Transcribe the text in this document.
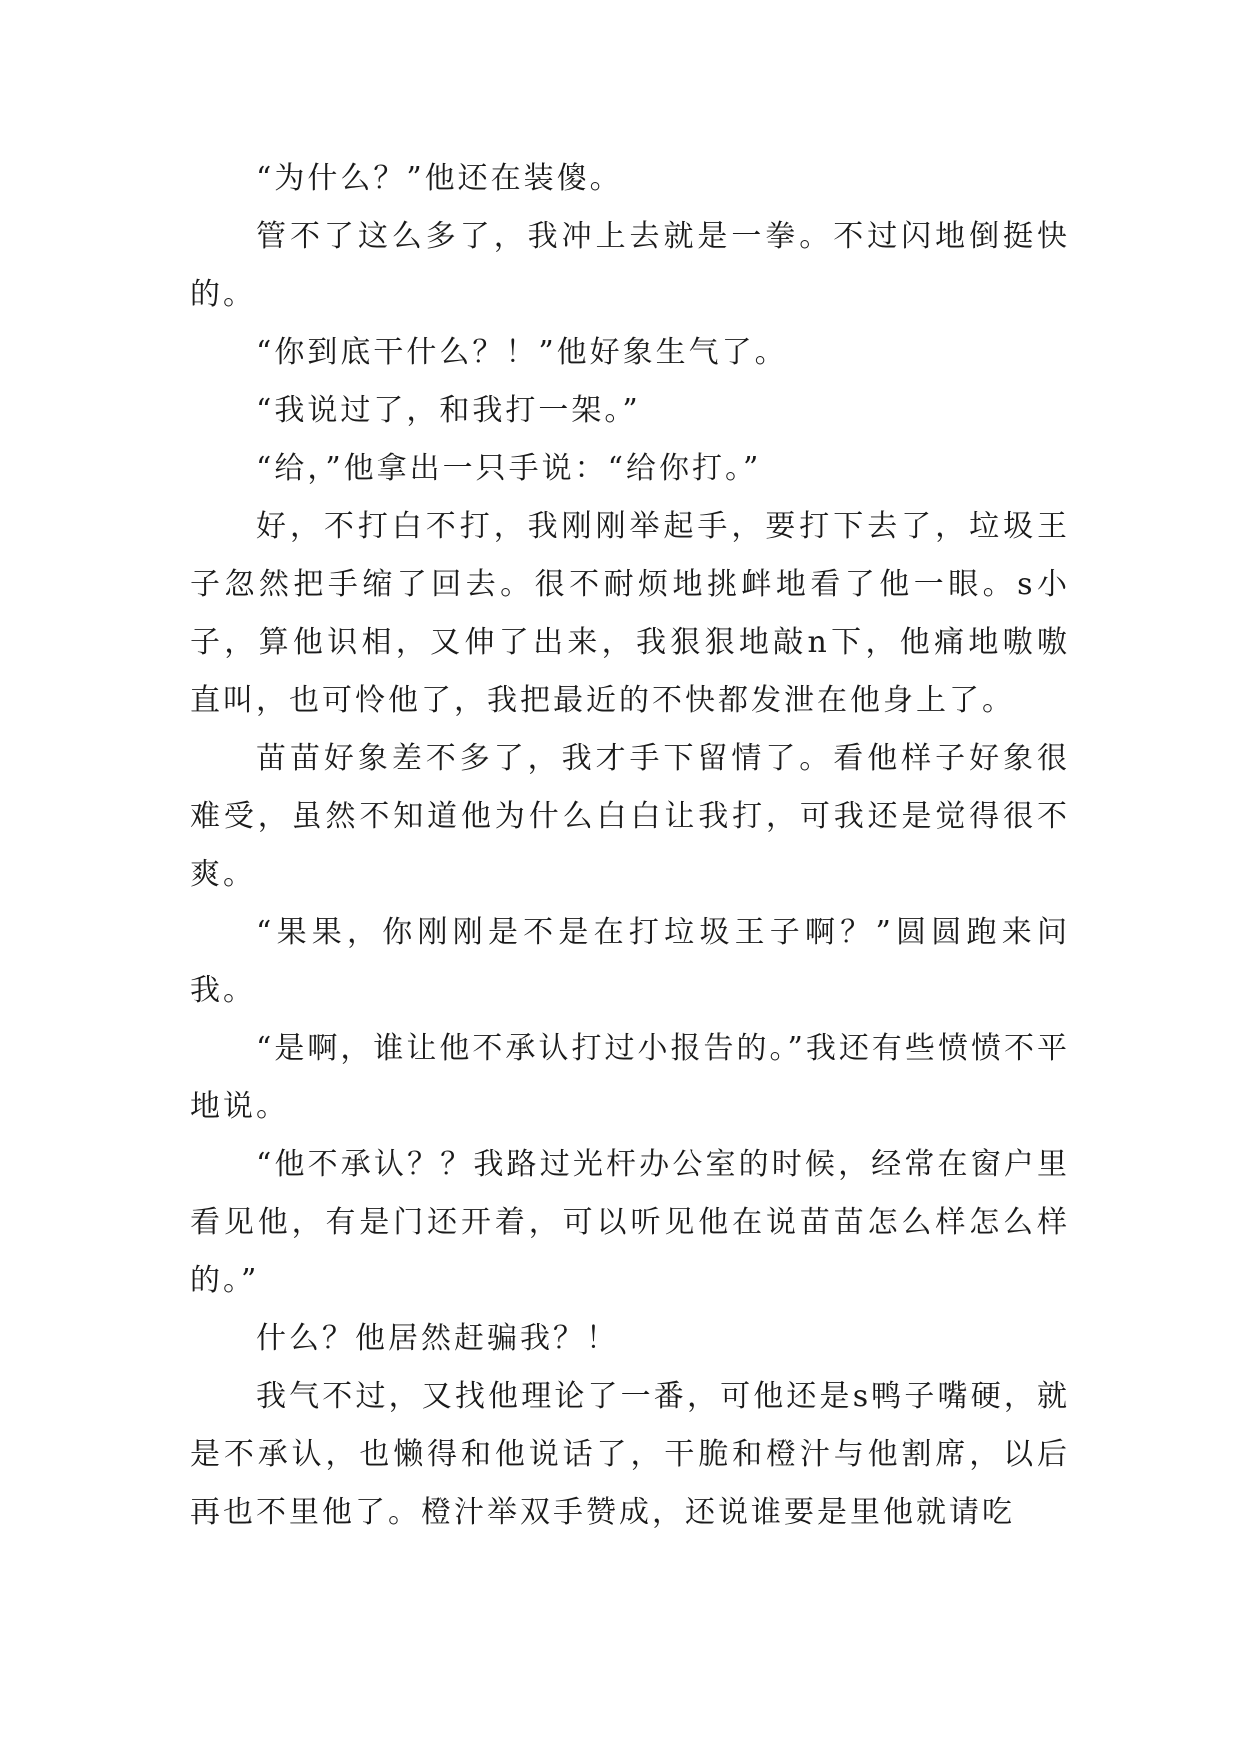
“为什么？”他还在装傻。

管不了这么多了，我冲上去就是一拳。不过闪地倒挺快的。

“你到底干什么？！”他好象生气了。

“我说过了，和我打一架。”

“给，”他拿出一只手说：“给你打。”

好，不打白不打，我刚刚举起手，要打下去了，垃圾王子忽然把手缩了回去。很不耐烦地挑衅地看了他一眼。s小子，算他识相，又伸了出来，我狠狠地敲n下，他痛地嗷嗷直叫，也可怜他了，我把最近的不快都发泄在他身上了。

苗苗好象差不多了，我才手下留情了。看他样子好象很难受，虽然不知道他为什么白白让我打，可我还是觉得很不爽。

“果果，你刚刚是不是在打垃圾王子啊？”圆圆跑来问我。

“是啊，谁让他不承认打过小报告的。”我还有些愤愤不平地说。

“他不承认？？我路过光杆办公室的时候，经常在窗户里看见他，有是门还开着，可以听见他在说苗苗怎么样怎么样的。”

什么？他居然赶骗我？！

我气不过，又找他理论了一番，可他还是s鸭子嘴硬，就是不承认，也懒得和他说话了，干脆和橙汁与他割席，以后再也不里他了。橙汁举双手赞成，还说谁要是里他就请吃
